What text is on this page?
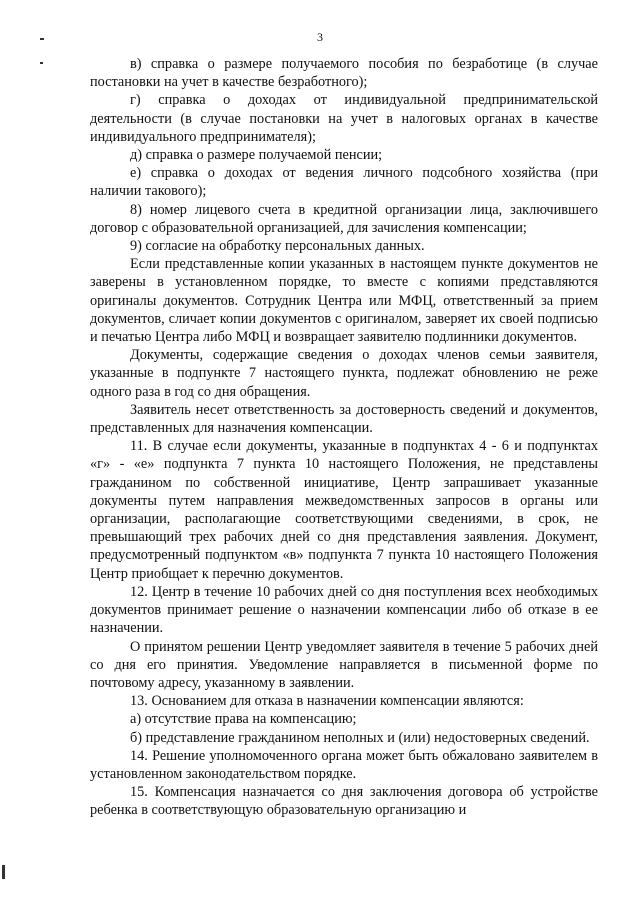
3

в) справка о размере получаемого пособия по безработице (в случае постановки на учет в качестве безработного);

г) справка о доходах от индивидуальной предпринимательской деятельности (в случае постановки на учет в налоговых органах в качестве индивидуального предпринимателя);

д) справка о размере получаемой пенсии;

е) справка о доходах от ведения личного подсобного хозяйства (при наличии такового);

8) номер лицевого счета в кредитной организации лица, заключившего договор с образовательной организацией, для зачисления компенсации;

9) согласие на обработку персональных данных.

Если представленные копии указанных в настоящем пункте документов не заверены в установленном порядке, то вместе с копиями представляются оригиналы документов. Сотрудник Центра или МФЦ, ответственный за прием документов, сличает копии документов с оригиналом, заверяет их своей подписью и печатью Центра либо МФЦ и возвращает заявителю подлинники документов.

Документы, содержащие сведения о доходах членов семьи заявителя, указанные в подпункте 7 настоящего пункта, подлежат обновлению не реже одного раза в год со дня обращения.

Заявитель несет ответственность за достоверность сведений и документов, представленных для назначения компенсации.

11. В случае если документы, указанные в подпунктах 4 - 6 и подпунктах «г» - «е» подпункта 7 пункта 10 настоящего Положения, не представлены гражданином по собственной инициативе, Центр запрашивает указанные документы путем направления межведомственных запросов в органы или организации, располагающие соответствующими сведениями, в срок, не превышающий трех рабочих дней со дня представления заявления. Документ, предусмотренный подпунктом «в» подпункта 7 пункта 10 настоящего Положения Центр приобщает к перечню документов.

12. Центр в течение 10 рабочих дней со дня поступления всех необходимых документов принимает решение о назначении компенсации либо об отказе в ее назначении.

О принятом решении Центр уведомляет заявителя в течение 5 рабочих дней со дня его принятия. Уведомление направляется в письменной форме по почтовому адресу, указанному в заявлении.

13. Основанием для отказа в назначении компенсации являются:

а) отсутствие права на компенсацию;

б) представление гражданином неполных и (или) недостоверных сведений.

14. Решение уполномоченного органа может быть обжаловано заявителем в установленном законодательством порядке.

15. Компенсация назначается со дня заключения договора об устройстве ребенка в соответствующую образовательную организацию и
